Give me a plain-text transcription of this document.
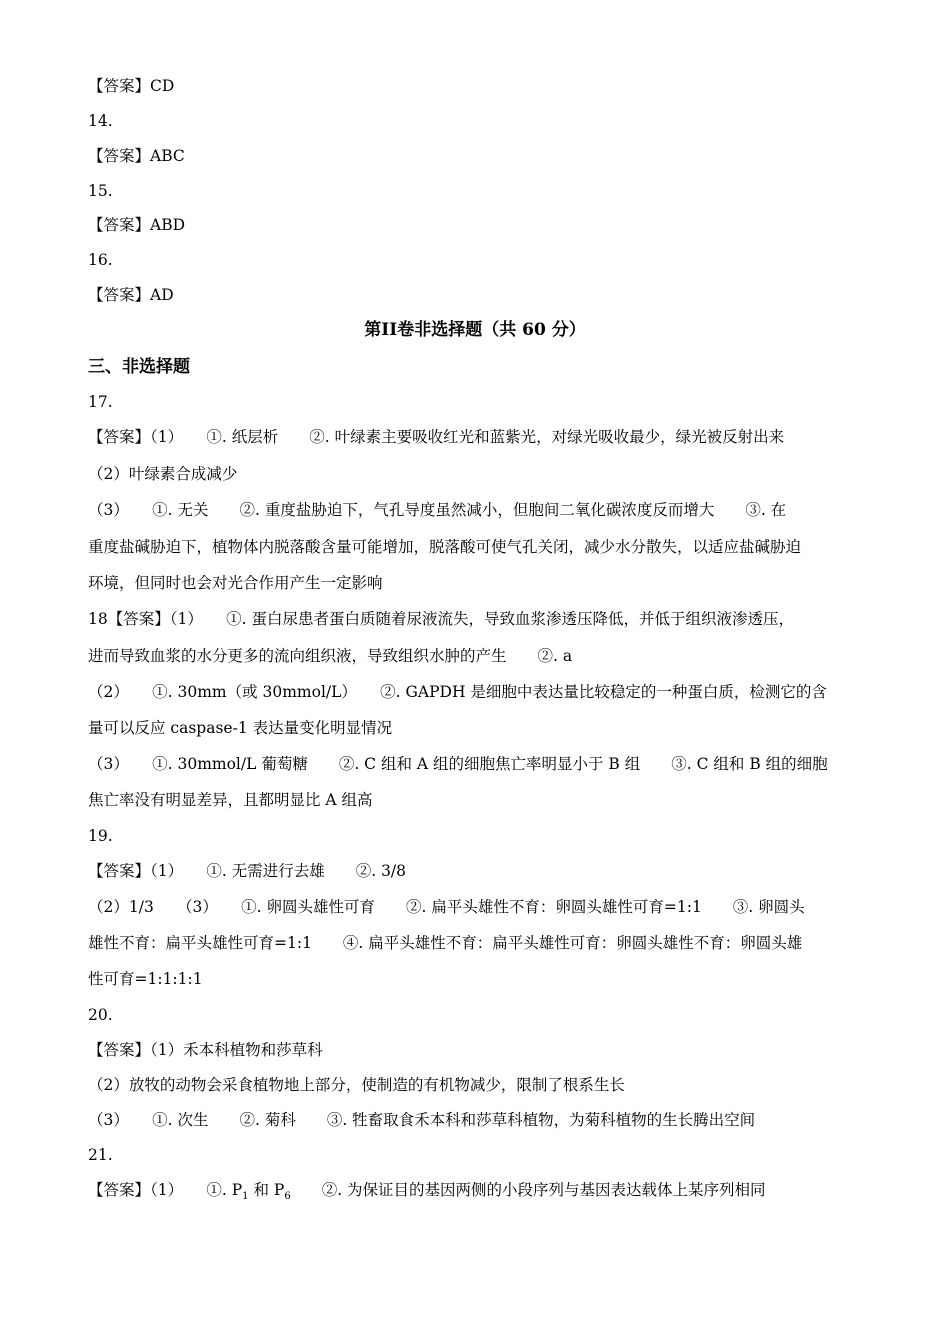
【答案】CD
14.
【答案】ABC
15.
【答案】ABD
16.
【答案】AD
第II卷非选择题（共 60 分）
三、非选择题
17.
【答案】（1）　　①. 纸层析　　②. 叶绿素主要吸收红光和蓝紫光，对绿光吸收最少，绿光被反射出来
（2）叶绿素合成减少
（3）　　①. 无关　　②. 重度盐胁迫下，气孔导度虽然减小，但胞间二氧化碳浓度反而增大　　③. 在
重度盐碱胁迫下，植物体内脱落酸含量可能增加，脱落酸可使气孔关闭，减少水分散失，以适应盐碱胁迫
环境，但同时也会对光合作用产生一定影响
18【答案】（1）　　①. 蛋白尿患者蛋白质随着尿液流失，导致血浆渗透压降低，并低于组织液渗透压，
进而导致血浆的水分更多的流向组织液，导致组织水肿的产生　　②. a
（2）　　①. 30mm（或 30mmol/L）　　②. GAPDH 是细胞中表达量比较稳定的一种蛋白质，检测它的含
量可以反应 caspase-1 表达量变化明显情况
（3）　　①. 30mmol/L 葡萄糖　　②. C 组和 A 组的细胞焦亡率明显小于 B 组　　③. C 组和 B 组的细胞
焦亡率没有明显差异，且都明显比 A 组高
19.
【答案】（1）　　①. 无需进行去雄　　②. 3/8
（2）1/3　　（3）　　①. 卵圆头雄性可育　　②. 扁平头雄性不育：卵圆头雄性可育=1:1　　③. 卵圆头
雄性不育：扁平头雄性可育=1:1　　④. 扁平头雄性不育：扁平头雄性可育：卵圆头雄性不育：卵圆头雄
性可育=1:1:1:1
20.
【答案】（1）禾本科植物和莎草科
（2）放牧的动物会采食植物地上部分，使制造的有机物减少，限制了根系生长
（3）　　①. 次生　　②. 菊科　　③. 牲畜取食禾本科和莎草科植物，为菊科植物的生长腾出空间
21.
【答案】（1）　　①. $P_1$ 和 $P_6$　　②. 为保证目的基因两侧的小段序列与基因表达载体上某序列相同
